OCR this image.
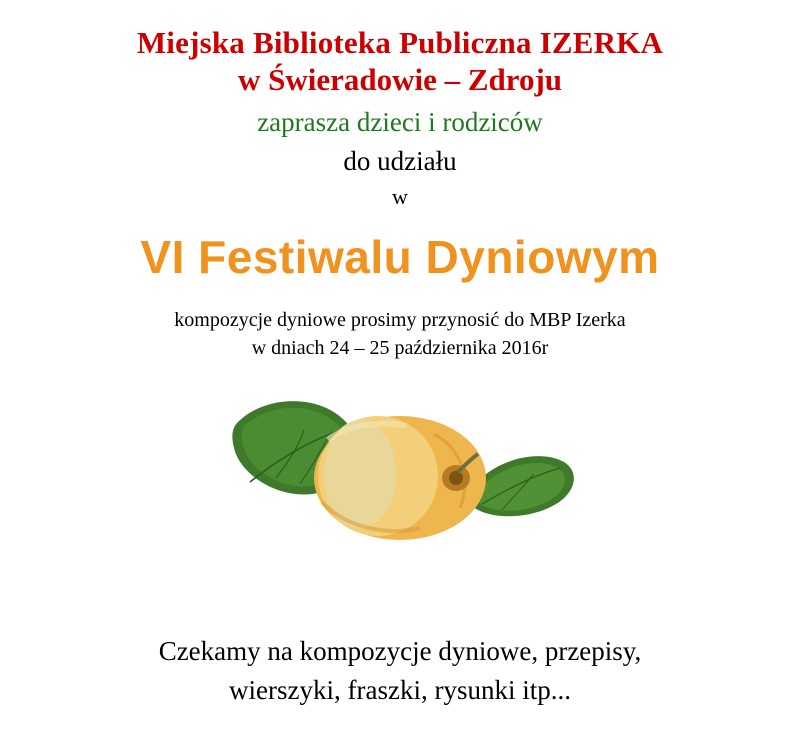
Miejska Biblioteka Publiczna IZERKA
w Świeradowie – Zdroju
zaprasza dzieci i rodziców
do udziału
w
VI Festiwalu Dyniowym
kompozycje dyniowe prosimy przynosić do MBP Izerka
w dniach 24 – 25 października 2016r
Czekamy na kompozycje dyniowe, przepisy,
wierszyki, fraszki, rysunki itp...
